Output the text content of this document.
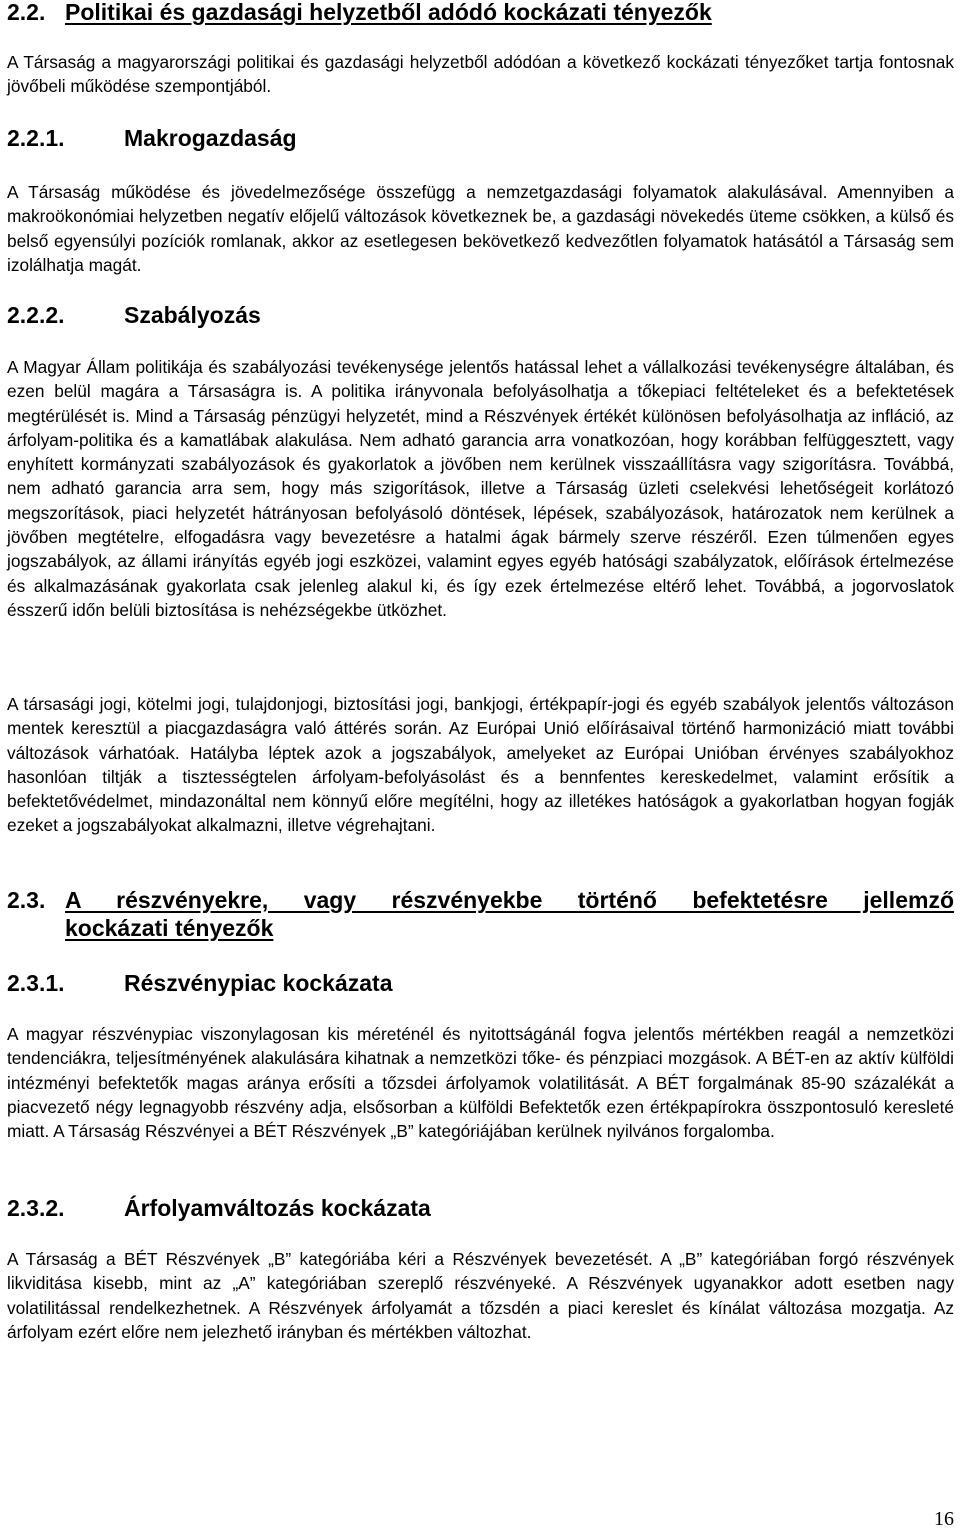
2.2. Politikai és gazdasági helyzetből adódó kockázati tényezők

A Társaság a magyarországi politikai és gazdasági helyzetből adódóan a következő kockázati tényezőket tartja fontosnak jövőbeli működése szempontjából.

2.2.1.	Makrogazdaság

A Társaság működése és jövedelmezősége összefügg a nemzetgazdasági folyamatok alakulásával. Amennyiben a makroökonómiai helyzetben negatív előjelű változások következnek be, a gazdasági növekedés üteme csökken, a külső és belső egyensúlyi pozíciók romlanak, akkor az esetlegesen bekövetkező kedvezőtlen folyamatok hatásától a Társaság sem izolálhatja magát.

2.2.2.	Szabályozás

A Magyar Állam politikája és szabályozási tevékenysége jelentős hatással lehet a vállalkozási tevékenységre általában, és ezen belül magára a Társaságra is. A politika irányvonala befolyásolhatja a tőkepiaci feltételeket és a befektetések megtérülését is. Mind a Társaság pénzügyi helyzetét, mind a Részvények értékét különösen befolyásolhatja az infláció, az árfolyam-politika és a kamatlábak alakulása. Nem adható garancia arra vonatkozóan, hogy korábban felfüggesztett, vagy enyhített kormányzati szabályozások és gyakorlatok a jövőben nem kerülnek visszaállításra vagy szigorításra. Továbbá, nem adható garancia arra sem, hogy más szigorítások, illetve a Társaság üzleti cselekvési lehetőségeit korlátozó megszorítások, piaci helyzetét hátrányosan befolyásoló döntések, lépések, szabályozások, határozatok nem kerülnek a jövőben megtételre, elfogadásra vagy bevezetésre a hatalmi ágak bármely szerve részéről. Ezen túlmenően egyes jogszabályok, az állami irányítás egyéb jogi eszközei, valamint egyes egyéb hatósági szabályzatok, előírások értelmezése és alkalmazásának gyakorlata csak jelenleg alakul ki, és így ezek értelmezése eltérő lehet. Továbbá, a jogorvoslatok ésszerű időn belüli biztosítása is nehézségekbe ütközhet.

A társasági jogi, kötelmi jogi, tulajdonjogi, biztosítási jogi, bankjogi, értékpapír-jogi és egyéb szabályok jelentős változáson mentek keresztül a piacgazdaságra való áttérés során. Az Európai Unió előírásaival történő harmonizáció miatt további változások várhatóak. Hatályba léptek azok a jogszabályok, amelyeket az Európai Unióban érvényes szabályokhoz hasonlóan tiltják a tisztességtelen árfolyam-befolyásolást és a bennfentes kereskedelmet, valamint erősítik a befektetővédelmet, mindazonáltal nem könnyű előre megítélni, hogy az illetékes hatóságok a gyakorlatban hogyan fogják ezeket a jogszabályokat alkalmazni, illetve végrehajtani.

2.3. A részvényekre, vagy részvényekbe történő befektetésre jellemző
kockázati tényezők
2.3.1.	Részvénypiac kockázata

A magyar részvénypiac viszonylagosan kis méreténél és nyitottságánál fogva jelentős mértékben reagál a nemzetközi tendenciákra, teljesítményének alakulására kihatnak a nemzetközi tőke- és pénzpiaci mozgások. A BÉT-en az aktív külföldi intézményi befektetők magas aránya erősíti a tőzsdei árfolyamok volatilitását. A BÉT forgalmának 85-90 százalékát a piacvezető négy legnagyobb részvény adja, elsősorban a külföldi Befektetők ezen értékpapírokra összpontosuló keresleté miatt. A Társaság Részvényei a BÉT Részvények „B” kategóriájában kerülnek nyilvános forgalomba.

2.3.2.	Árfolyamváltozás kockázata

A Társaság a BÉT Részvények „B” kategóriába kéri a Részvények bevezetését. A „B” kategóriában forgó részvények likviditása kisebb, mint az „A” kategóriában szereplő részvényeké. A Részvények ugyanakkor adott esetben nagy volatilitással rendelkezhetnek. A Részvények árfolyamát a tőzsdén a piaci kereslet és kínálat változása mozgatja. Az árfolyam ezért előre nem jelezhető irányban és mértékben változhat.

16
